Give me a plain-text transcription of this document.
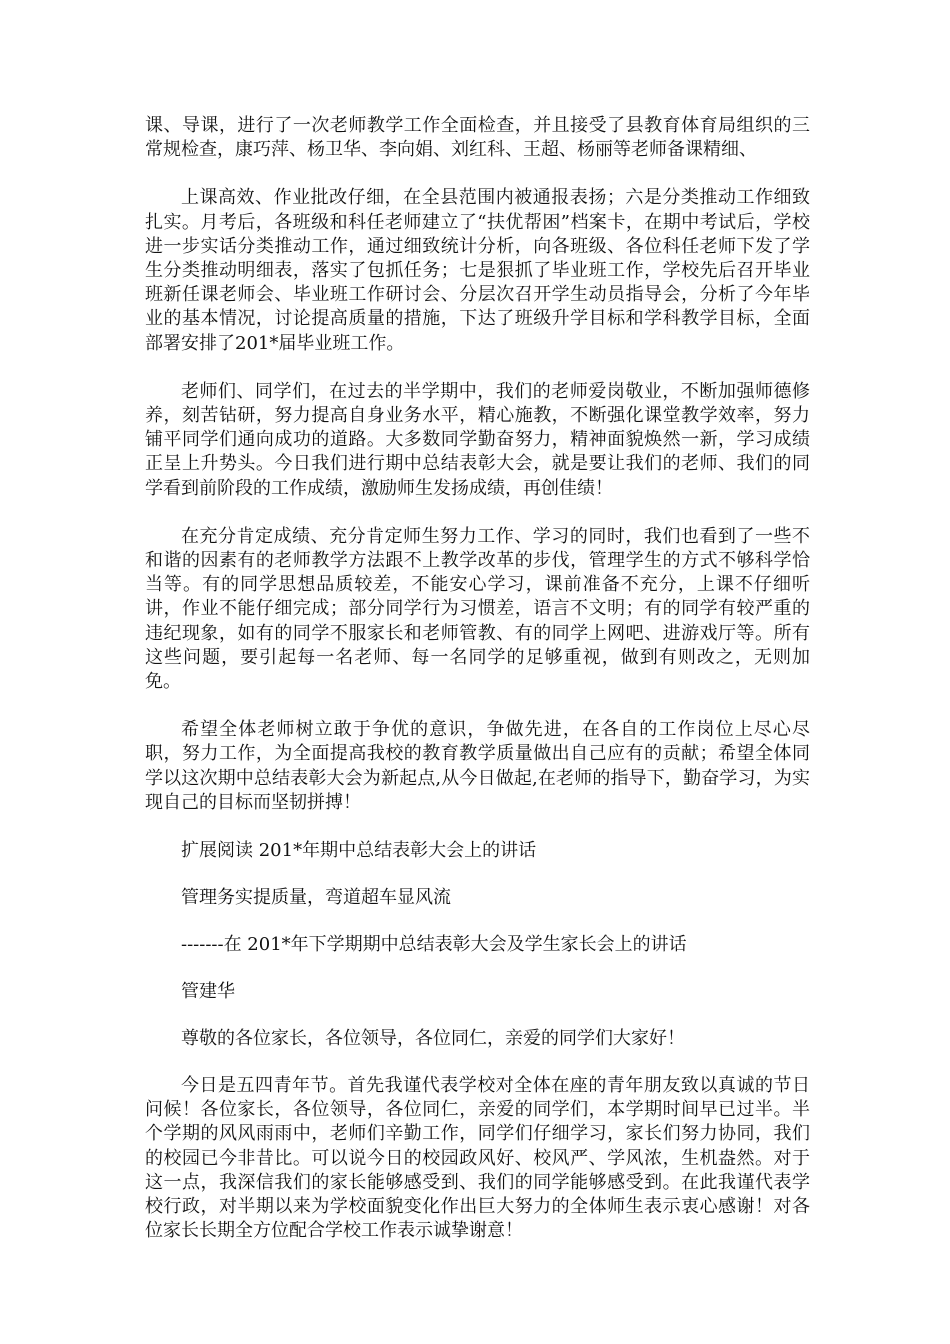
课、导课，进行了一次老师教学工作全面检查，并且接受了县教育体育局组织的三常规检查，康巧萍、杨卫华、李向娟、刘红科、王超、杨丽等老师备课精细、

上课高效、作业批改仔细，在全县范围内被通报表扬；六是分类推动工作细致扎实。月考后，各班级和科任老师建立了“扶优帮困”档案卡，在期中考试后，学校进一步实话分类推动工作，通过细致统计分析，向各班级、各位科任老师下发了学生分类推动明细表，落实了包抓任务；七是狠抓了毕业班工作，学校先后召开毕业班新任课老师会、毕业班工作研讨会、分层次召开学生动员指导会，分析了今年毕业的基本情况，讨论提高质量的措施，下达了班级升学目标和学科教学目标，全面部署安排了201*届毕业班工作。

老师们、同学们，在过去的半学期中，我们的老师爱岗敬业，不断加强师德修养，刻苦钻研，努力提高自身业务水平，精心施教，不断强化课堂教学效率，努力铺平同学们通向成功的道路。大多数同学勤奋努力，精神面貌焕然一新，学习成绩正呈上升势头。今日我们进行期中总结表彰大会，就是要让我们的老师、我们的同学看到前阶段的工作成绩，激励师生发扬成绩，再创佳绩！

在充分肯定成绩、充分肯定师生努力工作、学习的同时，我们也看到了一些不和谐的因素有的老师教学方法跟不上教学改革的步伐，管理学生的方式不够科学恰当等。有的同学思想品质较差，不能安心学习，课前准备不充分，上课不仔细听讲，作业不能仔细完成；部分同学行为习惯差，语言不文明；有的同学有较严重的违纪现象，如有的同学不服家长和老师管教、有的同学上网吧、进游戏厅等。所有这些问题，要引起每一名老师、每一名同学的足够重视，做到有则改之，无则加免。

希望全体老师树立敢于争优的意识，争做先进，在各自的工作岗位上尽心尽职，努力工作，为全面提高我校的教育教学质量做出自己应有的贡献；希望全体同学以这次期中总结表彰大会为新起点,从今日做起,在老师的指导下，勤奋学习，为实现自己的目标而坚韧拼搏！

扩展阅读 201*年期中总结表彰大会上的讲话

管理务实提质量，弯道超车显风流

-------在 201*年下学期期中总结表彰大会及学生家长会上的讲话

管建华

尊敬的各位家长，各位领导，各位同仁，亲爱的同学们大家好！

今日是五四青年节。首先我谨代表学校对全体在座的青年朋友致以真诚的节日问候！各位家长，各位领导，各位同仁，亲爱的同学们，本学期时间早已过半。半个学期的风风雨雨中，老师们辛勤工作，同学们仔细学习，家长们努力协同，我们的校园已今非昔比。可以说今日的校园政风好、校风严、学风浓，生机盎然。对于这一点，我深信我们的家长能够感受到、我们的同学能够感受到。在此我谨代表学校行政，对半期以来为学校面貌变化作出巨大努力的全体师生表示衷心感谢！对各位家长长期全方位配合学校工作表示诚挚谢意！
